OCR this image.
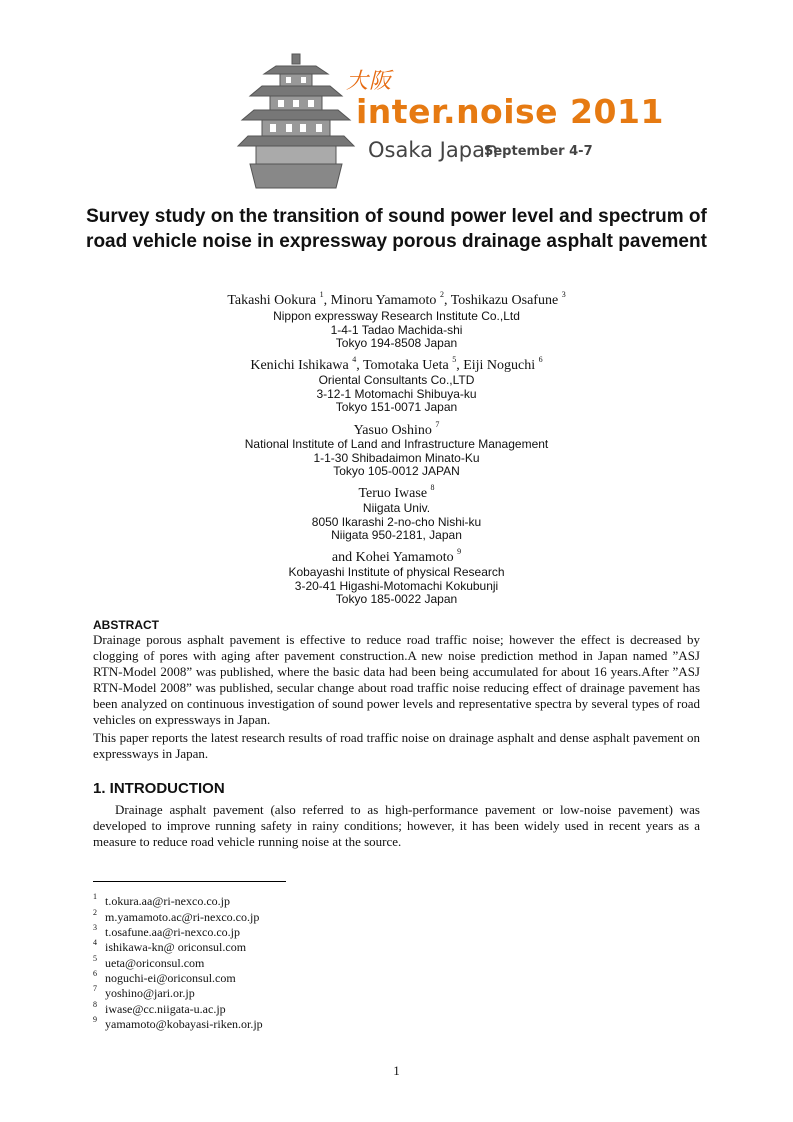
大阪
inter.noise 2011
Osaka Japan
September 4-7
Survey study on the transition of sound power level and spectrum of road vehicle noise in expressway porous drainage asphalt pavement
Takashi Ookura $^1$, Minoru Yamamoto $^2$, Toshikazu Osafune $^3$
Nippon expressway Research Institute Co.,Ltd
1-4-1 Tadao Machida-shi
Tokyo 194-8508 Japan
Kenichi Ishikawa $^4$, Tomotaka Ueta $^5$, Eiji Noguchi $^6$
Oriental Consultants Co.,LTD
3-12-1 Motomachi Shibuya-ku
Tokyo 151-0071 Japan
Yasuo Oshino $^7$
National Institute of Land and Infrastructure Management
1-1-30 Shibadaimon Minato-Ku
Tokyo 105-0012 JAPAN
Teruo Iwase $^8$
Niigata Univ.
8050 Ikarashi 2-no-cho Nishi-ku
Niigata 950-2181, Japan
and Kohei Yamamoto $^9$
Kobayashi Institute of physical Research
3-20-41 Higashi-Motomachi Kokubunji
Tokyo 185-0022 Japan
ABSTRACT

Drainage porous asphalt pavement is effective to reduce road traffic noise; however the effect is decreased by clogging of pores with aging after pavement construction.A new noise prediction method in Japan named ”ASJ RTN-Model 2008” was published, where the basic data had been being accumulated for about 16 years.After ”ASJ RTN-Model 2008” was published, secular change about road traffic noise reducing effect of drainage pavement has been analyzed on continuous investigation of sound power levels and representative spectra by several types of road vehicles on expressways in Japan.

This paper reports the latest research results of road traffic noise on drainage asphalt and dense asphalt pavement on expressways in Japan.

1. INTRODUCTION

Drainage asphalt pavement (also referred to as high-performance pavement or low-noise pavement) was developed to improve running safety in rainy conditions; however, it has been widely used in recent years as a measure to reduce road vehicle running noise at the source.

$^1$ t.okura.aa@ri-nexco.co.jp
$^2$ m.yamamoto.ac@ri-nexco.co.jp
$^3$ t.osafune.aa@ri-nexco.co.jp
$^4$ ishikawa-kn@ oriconsul.com
$^5$ ueta@oriconsul.com
$^6$ noguchi-ei@oriconsul.com
$^7$ yoshino@jari.or.jp
$^8$ iwase@cc.niigata-u.ac.jp
$^9$ yamamoto@kobayasi-riken.or.jp
1
